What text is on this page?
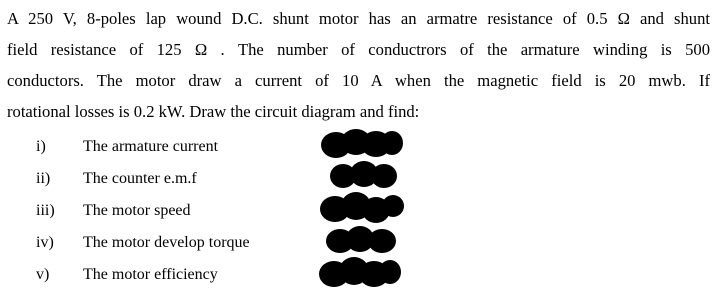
A 250 V, 8-poles lap wound D.C. shunt motor has an armatre resistance of 0.5 Ω and shunt
field resistance of 125 Ω . The number of conductrors of the armature winding is 500
conductors. The motor draw a current of 10 A when the magnetic field is 20 mwb. If
rotational losses is 0.2 kW. Draw the circuit diagram and find:
i) The armature current
ii) The counter e.m.f
iii) The motor speed
iv) The motor develop torque
v) The motor efficiency
